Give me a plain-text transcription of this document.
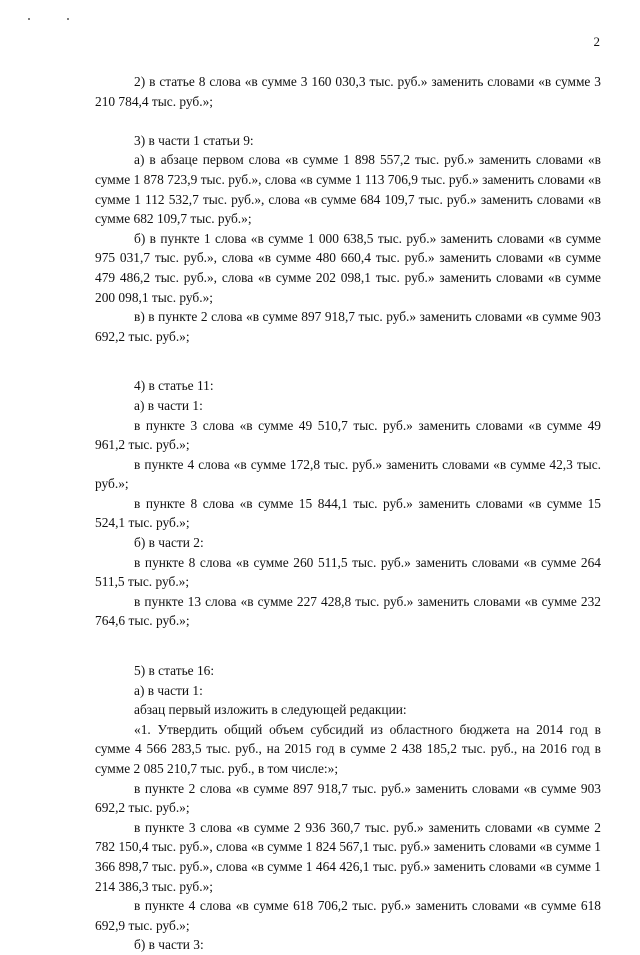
2

2) в статье 8 слова «в сумме 3 160 030,3 тыс. руб.» заменить словами «в сумме 3 210 784,4 тыс. руб.»;

3) в части 1 статьи 9:

а) в абзаце первом слова «в сумме 1 898 557,2 тыс. руб.» заменить словами «в сумме 1 878 723,9 тыс. руб.», слова «в сумме 1 113 706,9 тыс. руб.» заменить словами «в сумме 1 112 532,7 тыс. руб.», слова «в сумме 684 109,7 тыс. руб.» заменить словами «в сумме 682 109,7 тыс. руб.»;

б) в пункте 1 слова «в сумме 1 000 638,5 тыс. руб.» заменить словами «в сумме 975 031,7 тыс. руб.», слова «в сумме 480 660,4 тыс. руб.» заменить словами «в сумме 479 486,2 тыс. руб.», слова «в сумме 202 098,1 тыс. руб.» заменить словами «в сумме 200 098,1 тыс. руб.»;

в) в пункте 2 слова «в сумме 897 918,7 тыс. руб.» заменить словами «в сумме 903 692,2 тыс. руб.»;

4) в статье 11:

а) в части 1:

в пункте 3 слова «в сумме 49 510,7 тыс. руб.» заменить словами «в сумме 49 961,2 тыс. руб.»;

в пункте 4 слова «в сумме 172,8 тыс. руб.» заменить словами «в сумме 42,3 тыс. руб.»;

в пункте 8 слова «в сумме 15 844,1 тыс. руб.» заменить словами «в сумме 15 524,1 тыс. руб.»;

б) в части 2:

в пункте 8 слова «в сумме 260 511,5 тыс. руб.» заменить словами «в сумме 264 511,5 тыс. руб.»;

в пункте 13 слова «в сумме 227 428,8 тыс. руб.» заменить словами «в сумме 232 764,6 тыс. руб.»;

5) в статье 16:

а) в части 1:

абзац первый изложить в следующей редакции:

«1. Утвердить общий объем субсидий из областного бюджета на 2014 год в сумме 4 566 283,5 тыс. руб., на 2015 год в сумме 2 438 185,2 тыс. руб., на 2016 год в сумме 2 085 210,7 тыс. руб., в том числе:»;

в пункте 2 слова «в сумме 897 918,7 тыс. руб.» заменить словами «в сумме 903 692,2 тыс. руб.»;

в пункте 3 слова «в сумме 2 936 360,7 тыс. руб.» заменить словами «в сумме 2 782 150,4 тыс. руб.», слова «в сумме 1 824 567,1 тыс. руб.» заменить словами «в сумме 1 366 898,7 тыс. руб.», слова «в сумме 1 464 426,1 тыс. руб.» заменить словами «в сумме 1 214 386,3 тыс. руб.»;

в пункте 4 слова «в сумме 618 706,2 тыс. руб.» заменить словами «в сумме 618 692,9 тыс. руб.»;

б) в части 3:
